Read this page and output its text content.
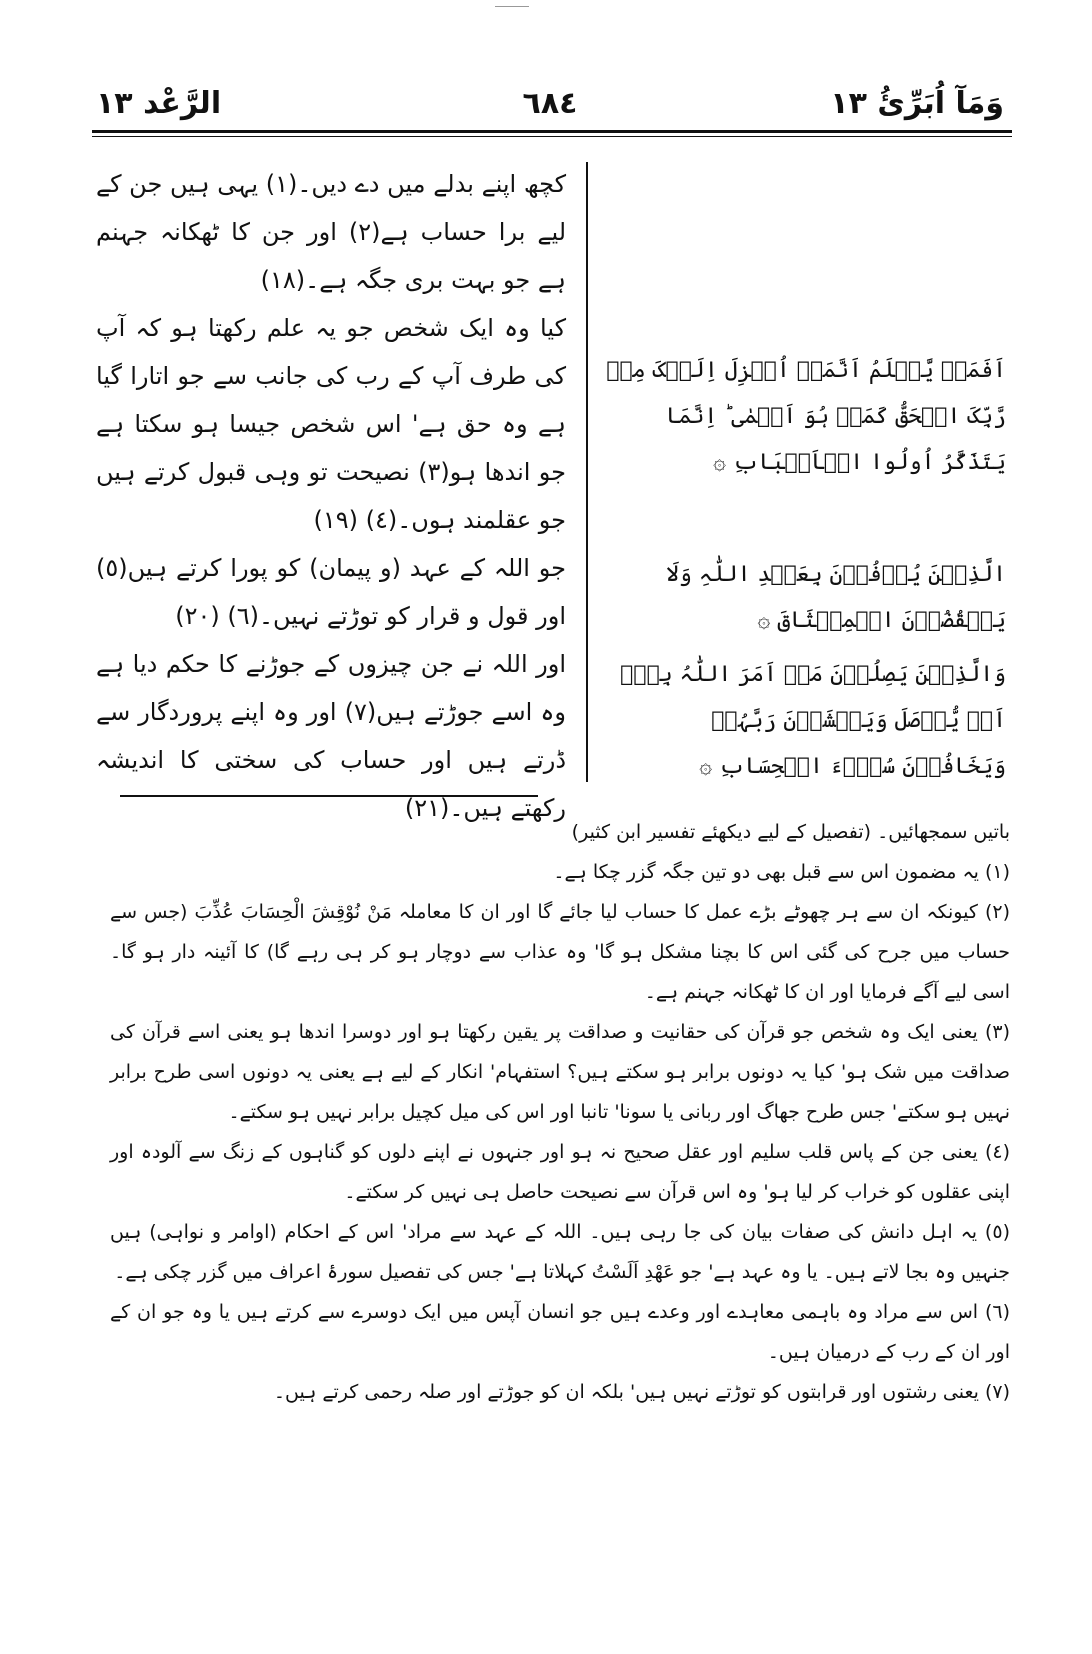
الرَّعْد ١٣	٦٨٤	وَمَآ اُبَرِّئُ ١٣

کچھ اپنے بدلے میں دے دیں۔(١) یہی ہیں جن کے لیے برا حساب ہے(٢) اور جن کا ٹھکانہ جہنم ہے جو بہت بری جگہ ہے۔(١٨)

کیا وہ ایک شخص جو یہ علم رکھتا ہو کہ آپ کی طرف آپ کے رب کی جانب سے جو اتارا گیا ہے وہ حق ہے' اس شخص جیسا ہو سکتا ہے جو اندھا ہو(٣) نصیحت تو وہی قبول کرتے ہیں جو عقلمند ہوں۔(٤) (١٩)

جو اللہ کے عہد (و پیمان) کو پورا کرتے ہیں(٥) اور قول و قرار کو توڑتے نہیں۔(٦) (٢٠)

اور اللہ نے جن چیزوں کے جوڑنے کا حکم دیا ہے وہ اسے جوڑتے ہیں(٧) اور وہ اپنے پروردگار سے ڈرتے ہیں اور حساب کی سختی کا اندیشہ رکھتے ہیں۔(٢١)

اَفَمَنۡ یَّعۡلَمُ اَنَّمَاۤ اُنۡزِلَ اِلَیۡکَ مِنۡ رَّبِّکَ الۡحَقُّ کَمَنۡ ہُوَ اَعۡمٰی ؕ اِنَّمَا یَتَذَکَّرُ اُولُوا الۡاَلۡبَابِ ۞

الَّذِیۡنَ یُوۡفُوۡنَ بِعَہۡدِ اللّٰہِ وَلَا یَنۡقُضُوۡنَ الۡمِیۡثَاقَ ۞

وَالَّذِیۡنَ یَصِلُوۡنَ مَاۤ اَمَرَ اللّٰہُ بِہٖۤ اَنۡ یُّوۡصَلَ وَیَخۡشَوۡنَ رَبَّہُمۡ وَیَخَافُوۡنَ سُوۡٓءَ الۡحِسَابِ ۞

باتیں سمجھائیں۔ (تفصیل کے لیے دیکھئے تفسیر ابن کثیر)

(١) یہ مضمون اس سے قبل بھی دو تین جگہ گزر چکا ہے۔

(٢) کیونکہ ان سے ہر چھوٹے بڑے عمل کا حساب لیا جائے گا اور ان کا معاملہ مَنْ نُوْقِشَ الْحِسَابَ عُذِّبَ (جس سے حساب میں جرح کی گئی اس کا بچنا مشکل ہو گا' وہ عذاب سے دوچار ہو کر ہی رہے گا) کا آئینہ دار ہو گا۔ اسی لیے آگے فرمایا اور ان کا ٹھکانہ جہنم ہے۔

(٣) یعنی ایک وہ شخص جو قرآن کی حقانیت و صداقت پر یقین رکھتا ہو اور دوسرا اندھا ہو یعنی اسے قرآن کی صداقت میں شک ہو' کیا یہ دونوں برابر ہو سکتے ہیں؟ استفہام' انکار کے لیے ہے یعنی یہ دونوں اسی طرح برابر نہیں ہو سکتے' جس طرح جھاگ اور ربانی یا سونا' تانبا اور اس کی میل کچیل برابر نہیں ہو سکتے۔

(٤) یعنی جن کے پاس قلب سلیم اور عقل صحیح نہ ہو اور جنہوں نے اپنے دلوں کو گناہوں کے زنگ سے آلودہ اور اپنی عقلوں کو خراب کر لیا ہو' وہ اس قرآن سے نصیحت حاصل ہی نہیں کر سکتے۔

(٥) یہ اہل دانش کی صفات بیان کی جا رہی ہیں۔ اللہ کے عہد سے مراد' اس کے احکام (اوامر و نواہی) ہیں جنہیں وہ بجا لاتے ہیں۔ یا وہ عہد ہے' جو عَهْدِ اَلَسْتُ کہلاتا ہے' جس کی تفصیل سورۂ اعراف میں گزر چکی ہے۔

(٦) اس سے مراد وہ باہمی معاہدے اور وعدے ہیں جو انسان آپس میں ایک دوسرے سے کرتے ہیں یا وہ جو ان کے اور ان کے رب کے درمیان ہیں۔

(٧) یعنی رشتوں اور قرابتوں کو توڑتے نہیں ہیں' بلکہ ان کو جوڑتے اور صلہ رحمی کرتے ہیں۔
